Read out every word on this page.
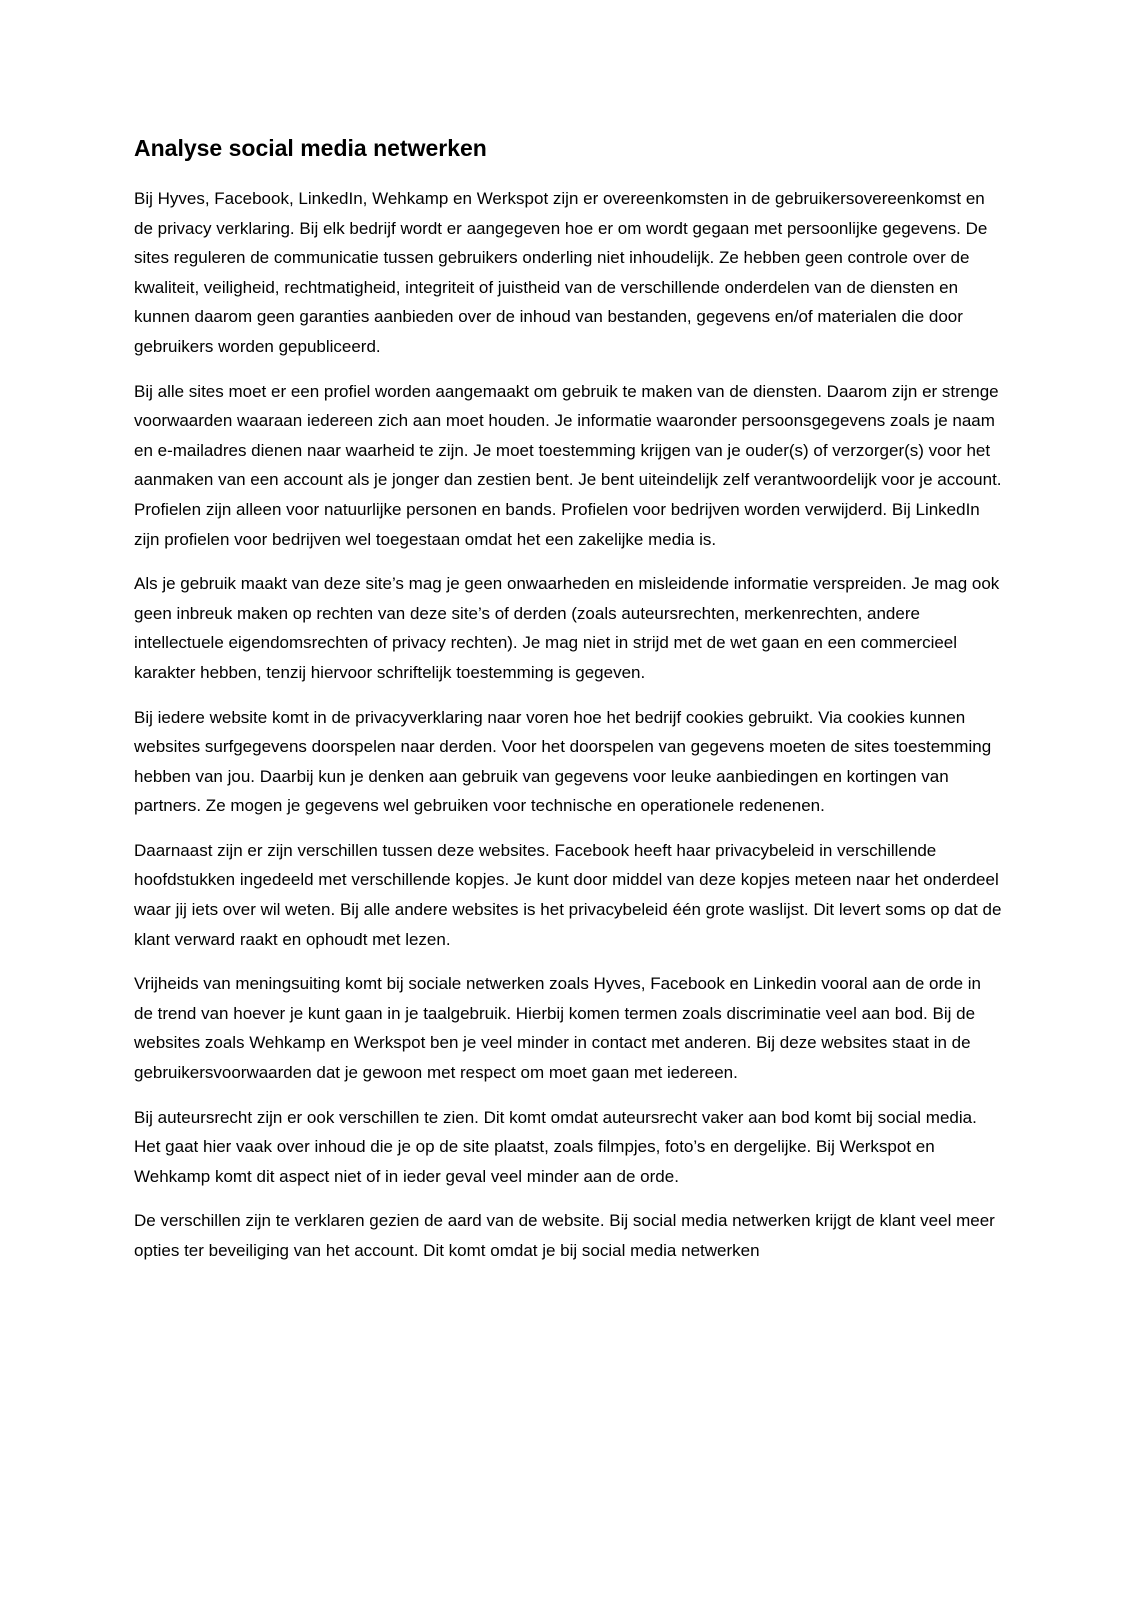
Analyse social media netwerken

Bij Hyves, Facebook, LinkedIn, Wehkamp en Werkspot zijn er overeenkomsten in de gebruikersovereenkomst en de privacy verklaring. Bij elk bedrijf wordt er aangegeven hoe er om wordt gegaan met persoonlijke gegevens. De sites reguleren de communicatie tussen gebruikers onderling niet inhoudelijk. Ze hebben geen controle over de kwaliteit, veiligheid, rechtmatigheid, integriteit of juistheid van de verschillende onderdelen van de diensten en kunnen daarom geen garanties aanbieden over de inhoud van bestanden, gegevens en/of materialen die door gebruikers worden gepubliceerd.

Bij alle sites moet er een profiel worden aangemaakt om gebruik te maken van de diensten. Daarom zijn er strenge voorwaarden waaraan iedereen zich aan moet houden. Je informatie waaronder persoonsgegevens zoals je naam en e-mailadres dienen naar waarheid te zijn. Je moet toestemming krijgen van je ouder(s) of verzorger(s) voor het aanmaken van een account als je jonger dan zestien bent. Je bent uiteindelijk zelf verantwoordelijk voor je account. Profielen zijn alleen voor natuurlijke personen en bands. Profielen voor bedrijven worden verwijderd. Bij LinkedIn zijn profielen voor bedrijven wel toegestaan omdat het een zakelijke media is.

Als je gebruik maakt van deze site’s mag je geen onwaarheden en misleidende informatie verspreiden. Je mag ook geen inbreuk maken op rechten van deze site’s of derden (zoals auteursrechten, merkenrechten, andere intellectuele eigendomsrechten of privacy rechten). Je mag niet in strijd met de wet gaan en een commercieel karakter hebben, tenzij hiervoor schriftelijk toestemming is gegeven.

Bij iedere website komt in de privacyverklaring naar voren hoe het bedrijf cookies gebruikt. Via cookies kunnen websites surfgegevens doorspelen naar derden. Voor het doorspelen van gegevens moeten de sites toestemming hebben van jou. Daarbij kun je denken aan gebruik van gegevens voor leuke aanbiedingen en kortingen van partners. Ze mogen je gegevens wel gebruiken voor technische en operationele redenenen.

Daarnaast zijn er zijn verschillen tussen deze websites. Facebook heeft haar privacybeleid in verschillende hoofdstukken ingedeeld met verschillende kopjes. Je kunt door middel van deze kopjes meteen naar het onderdeel waar jij iets over wil weten. Bij alle andere websites is het privacybeleid één grote waslijst. Dit levert soms op dat de klant verward raakt en ophoudt met lezen.

Vrijheids van meningsuiting komt bij sociale netwerken zoals Hyves, Facebook en Linkedin vooral aan de orde in de trend van hoever je kunt gaan in je taalgebruik. Hierbij komen termen zoals discriminatie veel aan bod. Bij de websites zoals Wehkamp en Werkspot ben je veel minder in contact met anderen. Bij deze websites staat in de gebruikersvoorwaarden dat je gewoon met respect om moet gaan met iedereen.

Bij auteursrecht zijn er ook verschillen te zien. Dit komt omdat auteursrecht vaker aan bod komt bij social media. Het gaat hier vaak over inhoud die je op de site plaatst, zoals filmpjes, foto’s en dergelijke. Bij Werkspot en Wehkamp komt dit aspect niet of in ieder geval veel minder aan de orde.

De verschillen zijn te verklaren gezien de aard van de website. Bij social media netwerken krijgt de klant veel meer opties ter beveiliging van het account. Dit komt omdat je bij social media netwerken
